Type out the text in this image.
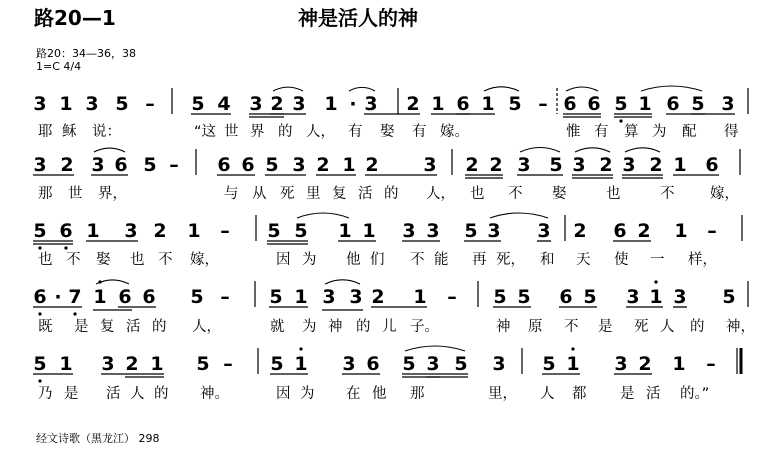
路20—1	神是活人的神
路20：34—36，38
1=C 4/4
3 1 3 5 – 5 4 3 2 3 1 · 3 2 1 6 1 5 – 6 6 5 1 6 5 3
耶 稣 说：	“这 世 界 的 人， 有 娶 有 嫁。	惟 有 算 为 配 得
3 2 3 6 5 – 6 6 5 3 2 1 2 3 2 2 3 5 3 2 3 2 1 6
那 世 界，	与 从 死 里 复 活 的 人， 也 不 娶	也	不 嫁，
5 6 1 3 2 1 – 5 5 1 1 3 3 5 3 3 2 6 2 1 –
也 不 娶 也 不 嫁，	因 为 他 们 不 能 再 死， 和 天 使 一 样，
6 · 7 1 6 6 5 – 5 1 3 3 2 1 – 5 5 6 5 3 1 3 5
既 是 复 活 的 人，	就 为 神 的 儿 子。	神 原 不 是 死 人 的 神，
5 1 3 2 1 5 – 5 1 3 6 5 3 5 3 5 1 3 2 1 –
乃 是 活 人 的 神。	因 为 在 他 那	里， 人 都 是 活 的。”
经文诗歌（黑龙江） 298
